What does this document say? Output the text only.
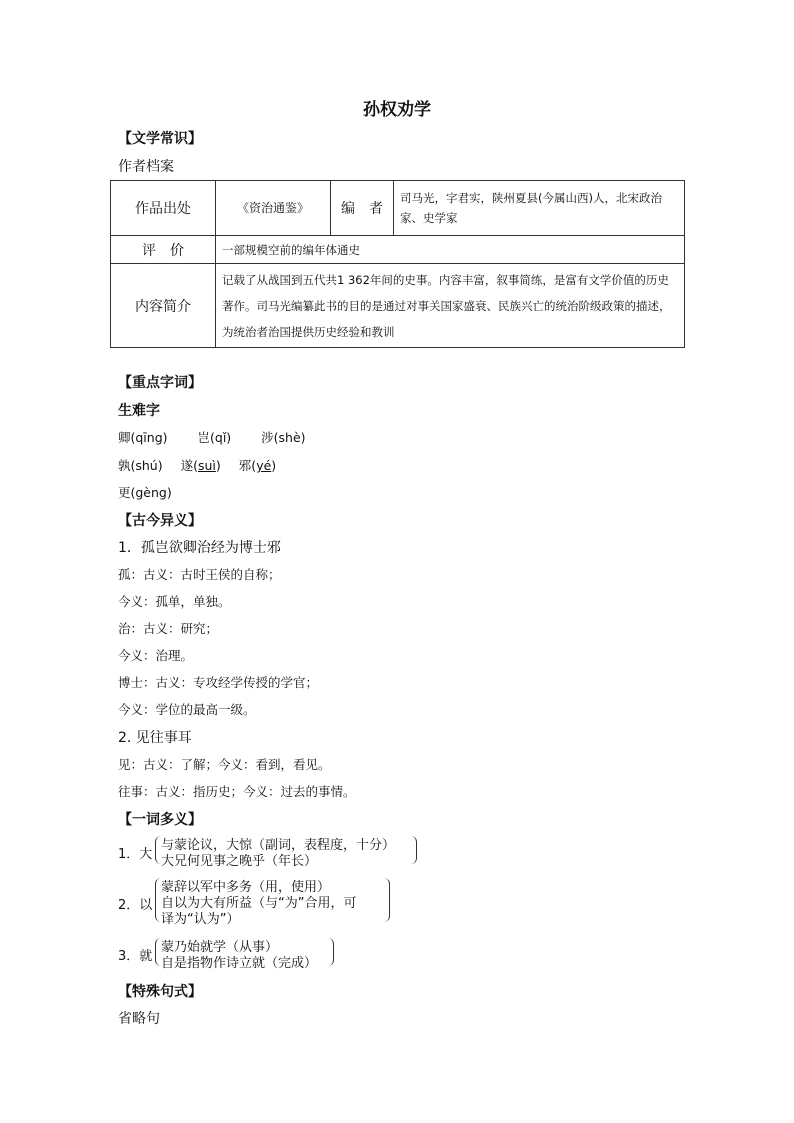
孙权劝学
【文学常识】
作者档案
作品出处	《资治通鉴》	编　者	司马光，字君实，陕州夏县(今属山西)人，北宋政治家、史学家
评　价	一部规模空前的编年体通史		
内容简介	记载了从战国到五代共1 362年间的史事。内容丰富，叙事简练，是富有文学价值的历史著作。司马光编纂此书的目的是通过对事关国家盛衰、民族兴亡的统治阶级政策的描述，为统治者治国提供历史经验和教训		
【重点字词】
生难字
卿(qīng) 岂(qǐ) 涉(shè)
孰(shú) 遂(suì) 邪(yé)
更(gèng)
【古今异义】
1．孤岂欲卿治经为博士邪
孤：古义：古时王侯的自称；
今义：孤单，单独。
治：古义：研究；
今义：治理。
博士：古义：专攻经学传授的学官；
今义：学位的最高一级。
2. 见往事耳
见：古义：了解；今义：看到，看见。
往事：古义：指历史；今义：过去的事情。
【一词多义】
1．大
与蒙论议，大惊（副词，表程度，十分）
大兄何见事之晚乎（年长）
2．以
蒙辞以军中多务（用，使用）
自以为大有所益（与“为”合用，可
译为“认为”）
3．就
蒙乃始就学（从事）
自是指物作诗立就（完成）
【特殊句式】
省略句
